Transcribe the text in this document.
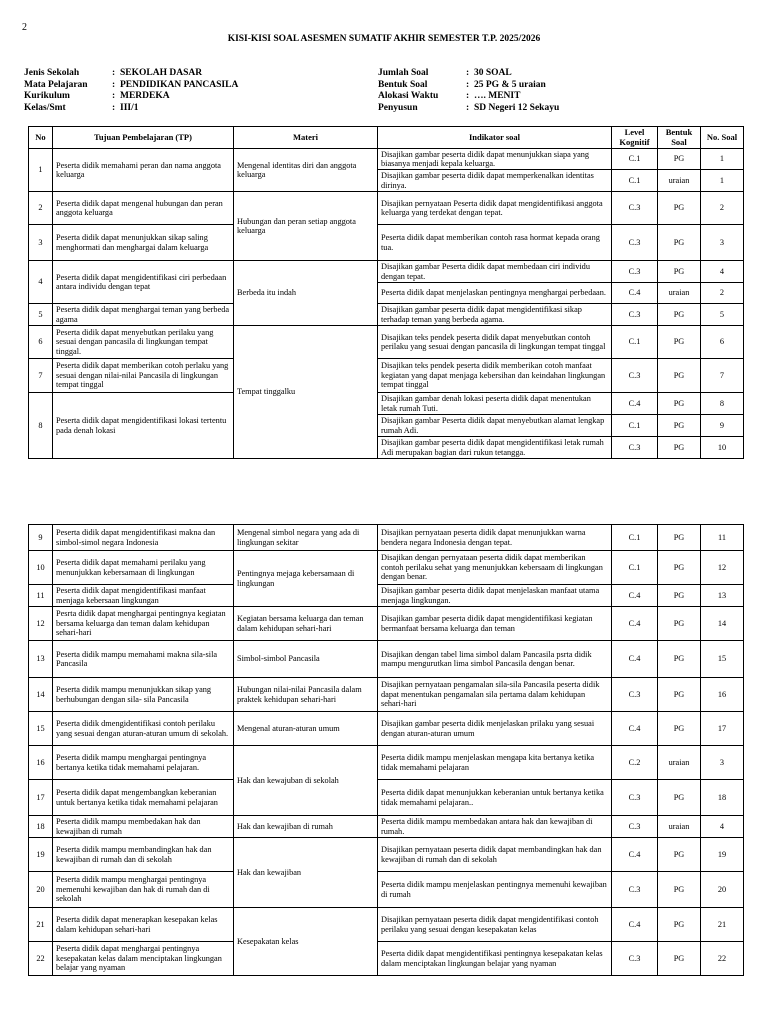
2
KISI-KISI SOAL ASESMEN SUMATIF AKHIR SEMESTER T.P. 2025/2026
Jenis Sekolah	: SEKOLAH DASAR
Mata Pelajaran	: PENDIDIKAN PANCASILA
Kurikulum	: MERDEKA
Kelas/Smt	: III/1
Jumlah Soal	: 30 SOAL
Bentuk Soal	: 25 PG & 5 uraian
Alokasi Waktu	: …. MENIT
Penyusun	: SD Negeri 12 Sekayu
No	Tujuan Pembelajaran (TP)	Materi	Indikator soal	Level Kognitif	Bentuk Soal	No. Soal
1	Peserta didik memahami peran dan nama anggota keluarga	Mengenal identitas diri dan anggota keluarga	Disajikan gambar peserta didik dapat menunjukkan siapa yang biasanya menjadi kepala keluarga.	C.1	PG	1
			Disajikan gambar peserta didik dapat memperkenalkan identitas dirinya.	C.1	uraian	1
2	Peserta didik dapat mengenal hubungan dan peran anggota keluarga	Hubungan dan peran setiap anggota keluarga	Disajikan pernyataan Peserta didik dapat mengidentifikasi anggota keluarga yang terdekat dengan tepat.	C.3	PG	2
3	Peserta didik dapat menunjukkan sikap saling menghormati dan menghargai dalam keluarga		Peserta didik dapat memberikan contoh rasa hormat kepada orang tua.	C.3	PG	3
4	Peserta didik dapat mengidentifikasi ciri perbedaan antara individu dengan tepat	Berbeda itu indah	Disajikan gambar Peserta didik dapat membedaan ciri individu dengan tepat.	C.3	PG	4
			Peserta didik dapat menjelaskan pentingnya menghargai perbedaan.	C.4	uraian	2
5	Peserta didik dapat menghargai teman yang berbeda agama		Disajikan gambar peserta didik dapat mengidentifikasi sikap terhadap teman yang berbeda agama.	C.3	PG	5
6	Peserta didik dapat menyebutkan perilaku yang sesuai dengan pancasila di lingkungan tempat tinggal.	Tempat tinggalku	Disajikan teks pendek peserta didik dapat menyebutkan contoh perilaku yang sesuai dengan pancasila di lingkungan tempat tinggal	C.1	PG	6
7	Peserta didik dapat memberikan cotoh perlaku yang sesuai dengan nilai-nilai Pancasila di lingkungan tempat tinggal		Disajikan teks pendek peserta didik memberikan cotoh manfaat kegiatan yang dapat menjaga kebersihan dan keindahan lingkungan tempat tinggal	C.3	PG	7
8	Peserta didik dapat mengidentifikasi lokasi tertentu pada denah lokasi		Disajikan gambar denah lokasi peserta didik dapat menentukan letak rumah Tuti.	C.4	PG	8
			Disajikan gambar Peserta didik dapat menyebutkan alamat lengkap rumah Adi.	C.1	PG	9
			Disajikan gambar peserta didik dapat mengidentifikasi letak rumah Adi merupakan bagian dari rukun tetangga.	C.3	PG	10
9	Peserta didik dapat mengidentifikasi makna dan simbol-simol negara Indonesia	Mengenal simbol negara yang ada di lingkungan sekitar	Disajikan pernyataan peserta didik dapat menunjukkan warna bendera negara Indonesia dengan tepat.	C.1	PG	11
10	Peserta didik dapat memahami perilaku yang menunjukkan kebersamaan di lingkungan	Pentingnya mejaga kebersamaan di lingkungan	Disajikan dengan pernyataan peserta didik dapat memberikan contoh perilaku sehat yang menunjukkan kebersaam di lingkungan dengan benar.	C.1	PG	12
11	Peserta didik dapat mengidentifikasi manfaat menjaga kebersaan lingkungan		Disajikan gambar peserta didik dapat menjelaskan manfaat utama menjaga lingkungan.	C.4	PG	13
12	Pesrta didik dapat menghargai pentingnya kegiatan bersama keluarga dan teman dalam kehidupan sehari-hari	Kegiatan bersama keluarga dan teman dalam kehidupan sehari-hari	Disajikan gambar peserta didik dapat mengidentifikasi kegiatan bermanfaat bersama keluarga dan teman	C.4	PG	14
13	Peserta didik mampu memahami makna sila-sila Pancasila	Simbol-simbol Pancasila	Disajikan dengan tabel lima simbol dalam Pancasila psrta didik mampu mengurutkan lima simbol Pancasila dengan benar.	C.4	PG	15
14	Peserta didik mampu menunjukkan sikap yang berhubungan dengan sila- sila Pancasila	Hubungan nilai-nilai Pancasila dalam praktek kehidupan sehari-hari	Disajikan pernyataan pengamalan sila-sila Pancasila peserta didik dapat menentukan pengamalan sila pertama dalam kehidupan sehari-hari	C.3	PG	16
15	Peserta didik dmengidentifikasi contoh perilaku yang sesuai dengan aturan-aturan umum di sekolah.	Mengenal aturan-aturan umum	Disajikan gambar peserta didik menjelaskan prilaku yang sesuai dengan aturan-aturan umum	C.4	PG	17
16	Peserta didik mampu menghargai pentingnya bertanya ketika tidak memahami pelajaran.	Hak dan kewajuban di sekolah	Peserta didik mampu menjelaskan mengapa kita bertanya ketika tidak memahami pelajaran	C.2	uraian	3
17	Peserta didik dapat mengembangkan keberanian untuk bertanya ketika tidak memahami pelajaran		Peserta didik dapat menunjukkan keberanian untuk bertanya ketika tidak memahami pelajaran..	C.3	PG	18
18	Peserta didik mampu membedakan hak dan kewajiban di rumah	Hak dan kewajiban di rumah	Peserta didik mampu membedakan antara hak dan kewajiban di rumah.	C.3	uraian	4
19	Peserta didik mampu membandingkan hak dan kewajiban di rumah dan di sekolah	Hak dan kewajiban	Disajikan pernyataan peserta didik dapat membandingkan hak dan kewajiban di rumah dan di sekolah	C.4	PG	19
20	Peserta didik mampu menghargai pentingnya memenuhi kewajiban dan hak di rumah dan di sekolah		Peserta didik mampu menjelaskan pentingnya memenuhi kewajiban di rumah	C.3	PG	20
21	Peserta didik dapat menerapkan kesepakan kelas dalam kehidupan sehari-hari	Kesepakatan kelas	Disajikan pernyataan peserta didik dapat mengidentifikasi contoh perilaku yang sesuai dengan kesepakatan kelas	C.4	PG	21
22	Peserta didik dapat menghargai pentingnya kesepakatan kelas dalam menciptakan lingkungan belajar yang nyaman		Peserta didik dapat mengidentifikasi pentingnya kesepakatan kelas dalam menciptakan lingkungan belajar yang nyaman	C.3	PG	22
